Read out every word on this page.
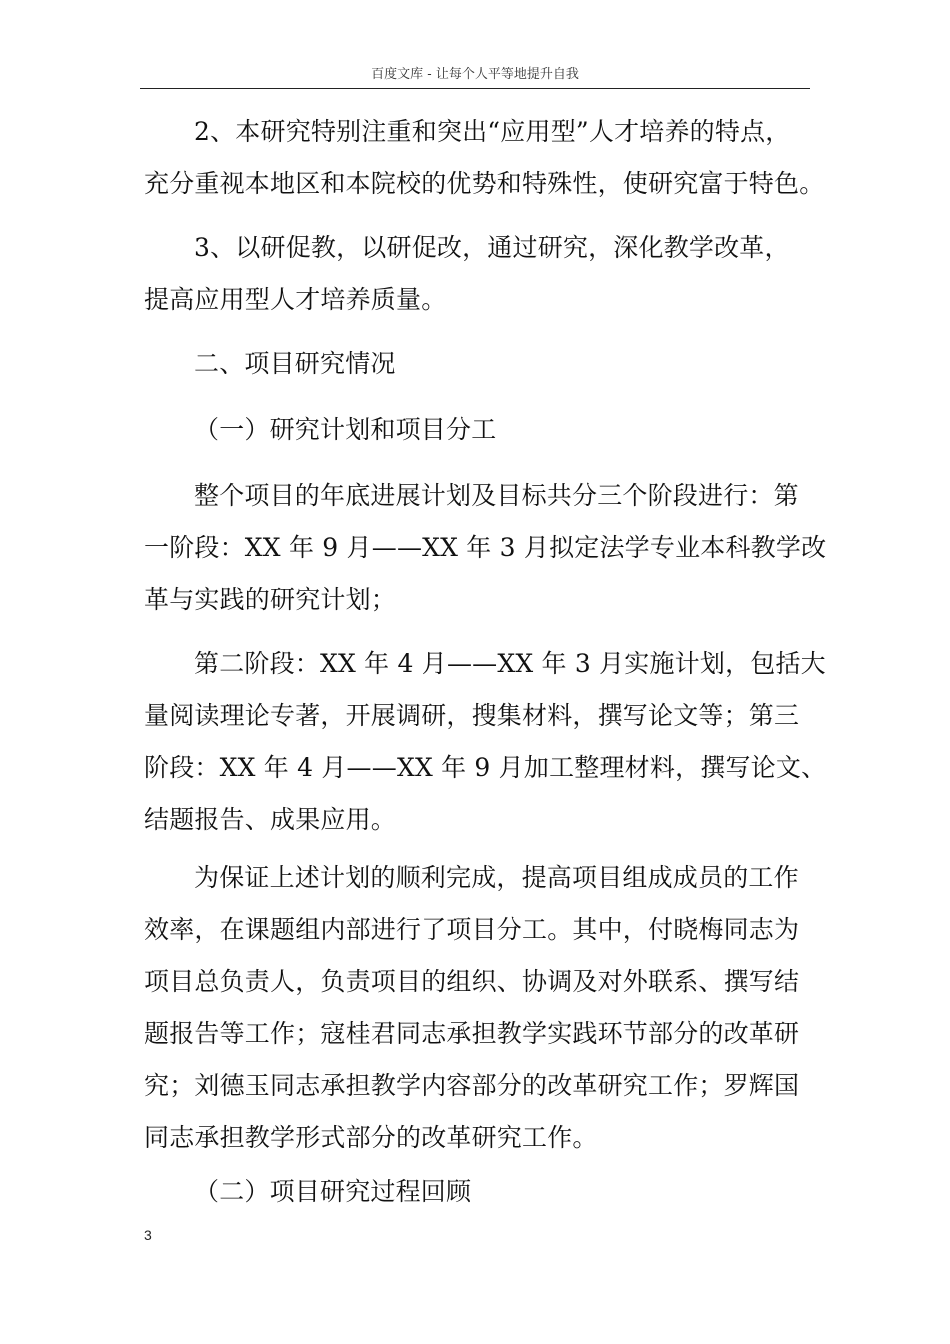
百度文库 - 让每个人平等地提升自我
2、本研究特别注重和突出“应用型”人才培养的特点，
充分重视本地区和本院校的优势和特殊性，使研究富于特色。
3、以研促教，以研促改，通过研究，深化教学改革，
提高应用型人才培养质量。
二、项目研究情况
（一）研究计划和项目分工
整个项目的年底进展计划及目标共分三个阶段进行：第
一阶段：XX 年 9 月——XX 年 3 月拟定法学专业本科教学改
革与实践的研究计划；
第二阶段：XX 年 4 月——XX 年 3 月实施计划，包括大
量阅读理论专著，开展调研，搜集材料，撰写论文等；第三
阶段：XX 年 4 月——XX 年 9 月加工整理材料，撰写论文、
结题报告、成果应用。
为保证上述计划的顺利完成，提高项目组成成员的工作
效率，在课题组内部进行了项目分工。其中，付晓梅同志为
项目总负责人，负责项目的组织、协调及对外联系、撰写结
题报告等工作；寇桂君同志承担教学实践环节部分的改革研
究；刘德玉同志承担教学内容部分的改革研究工作；罗辉国
同志承担教学形式部分的改革研究工作。
（二）项目研究过程回顾
3
